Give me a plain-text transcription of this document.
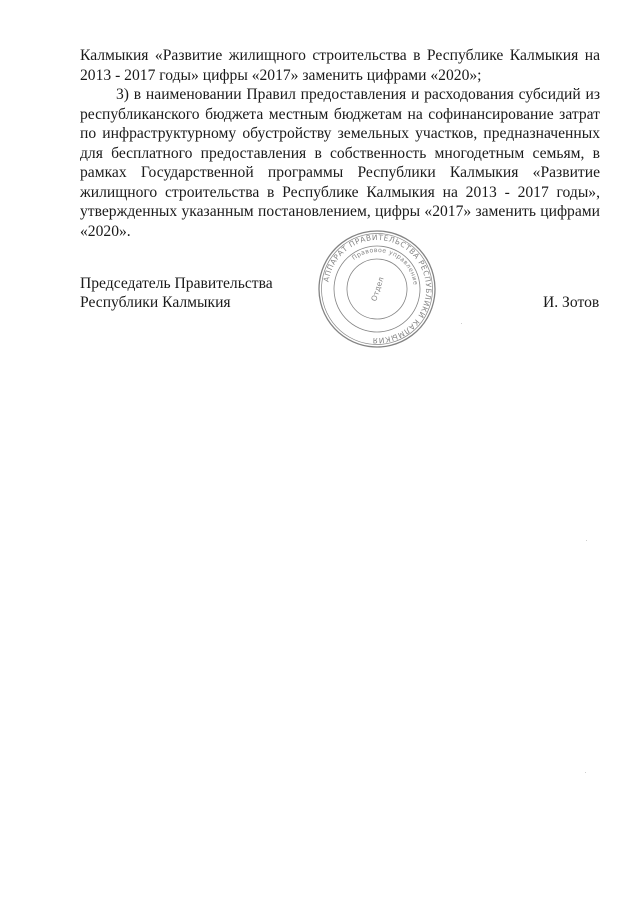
Калмыкия «Развитие жилищного строительства в Республике Калмыкия на 2013 - 2017 годы» цифры «2017» заменить цифрами «2020»;

3) в наименовании Правил предоставления и расходования субсидий из республиканского бюджета местным бюджетам на софинансирование затрат по инфраструктурному обустройству земельных участков, предназначенных для бесплатного предоставления в собственность многодетным семьям, в рамках Государственной программы Республики Калмыкия «Развитие жилищного строительства в Республике Калмыкия на 2013 - 2017 годы», утвержденных указанным постановлением, цифры «2017» заменить цифрами «2020».

Председатель Правительства
Республики Калмыкия
АППАРАТ ПРАВИТЕЛЬСТВА РЕСПУБЛИКИ КАЛМЫКИЯ
Правовое управление
Отдел
И. Зотов
